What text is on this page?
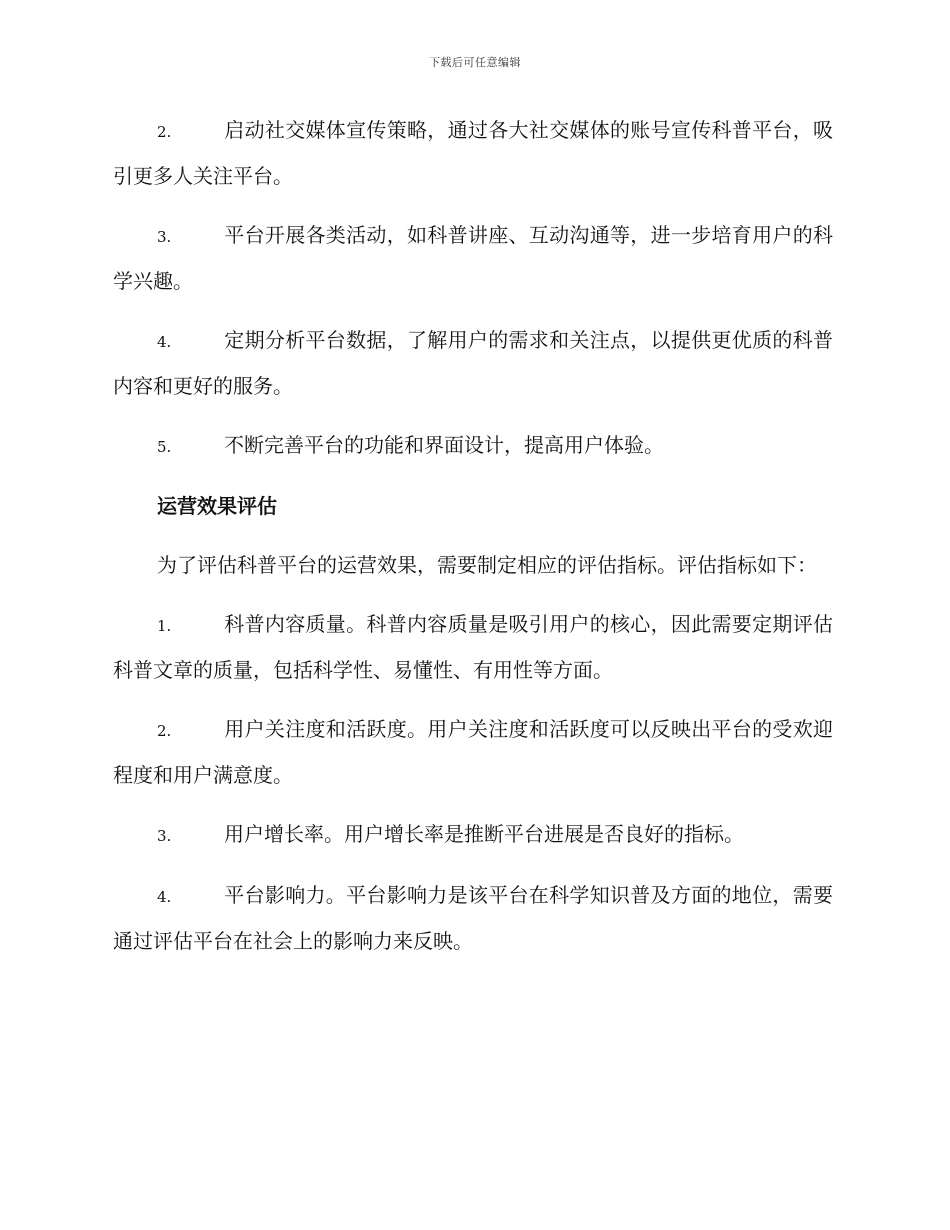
下载后可任意编辑
2.	启动社交媒体宣传策略，通过各大社交媒体的账号宣传科普平台，吸引更多人关注平台。
3.	平台开展各类活动，如科普讲座、互动沟通等，进一步培育用户的科学兴趣。
4.	定期分析平台数据，了解用户的需求和关注点，以提供更优质的科普内容和更好的服务。
5.	不断完善平台的功能和界面设计，提高用户体验。
运营效果评估
为了评估科普平台的运营效果，需要制定相应的评估指标。评估指标如下：
1.	科普内容质量。科普内容质量是吸引用户的核心，因此需要定期评估科普文章的质量，包括科学性、易懂性、有用性等方面。
2.	用户关注度和活跃度。用户关注度和活跃度可以反映出平台的受欢迎程度和用户满意度。
3.	用户增长率。用户增长率是推断平台进展是否良好的指标。
4.	平台影响力。平台影响力是该平台在科学知识普及方面的地位，需要通过评估平台在社会上的影响力来反映。
